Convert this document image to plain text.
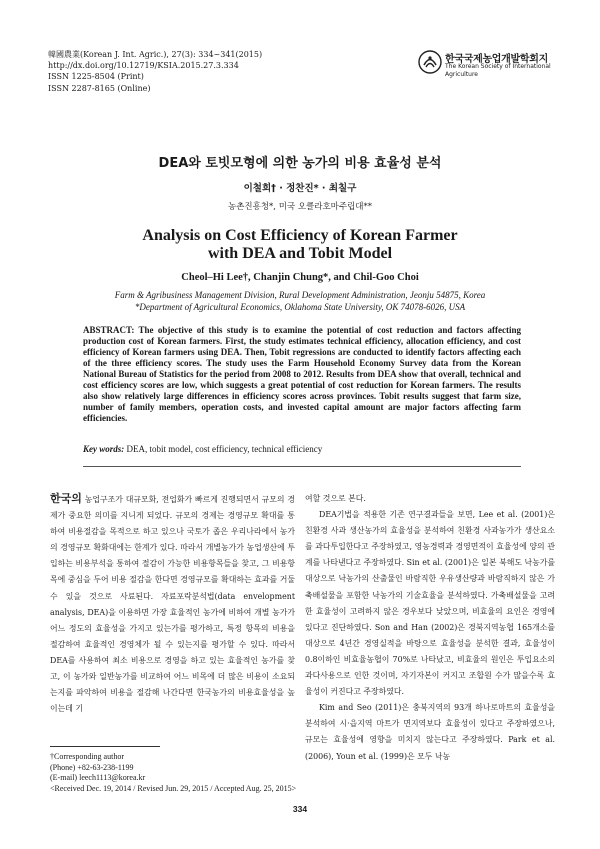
韓國農業(Korean J. Int. Agric.), 27(3): 334~341(2015)
http://dx.doi.org/10.12719/KSIA.2015.27.3.334
ISSN 1225-8504 (Print)
ISSN 2287-8165 (Online)
한국국제농업개발학회지
The Korean Society of International Agriculture
DEA와 토빗모형에 의한 농가의 비용 효율성 분석
이철희† · 정찬진* · 최칠구
농촌진흥청*, 미국 오클라호마주립대**
Analysis on Cost Efficiency of Korean Farmer
with DEA and Tobit Model
Cheol–Hi Lee†, Chanjin Chung*, and Chil-Goo Choi
Farm & Agribusiness Management Division, Rural Development Administration, Jeonju 54875, Korea
*Department of Agricultural Economics, Oklahoma State University, OK 74078-6026, USA
ABSTRACT: The objective of this study is to examine the potential of cost reduction and factors affecting production cost of Korean farmers. First, the study estimates technical efficiency, allocation efficiency, and cost efficiency of Korean farmers using DEA. Then, Tobit regressions are conducted to identify factors affecting each of the three efficiency scores. The study uses the Farm Household Economy Survey data from the Korean National Bureau of Statistics for the period from 2008 to 2012. Results from DEA show that overall, technical and cost efficiency scores are low, which suggests a great potential of cost reduction for Korean farmers. The results also show relatively large differences in efficiency scores across provinces. Tobit results suggest that farm size, number of family members, operation costs, and invested capital amount are major factors affecting farm efficiencies.
Key words: DEA, tobit model, cost efficiency, technical efficiency

한국의 농업구조가 대규모화, 전업화가 빠르게 진행되면서 규모의 경제가 중요한 의미를 지니게 되었다. 규모의 경제는 경영규모 확대를 통하여 비용절감을 목적으로 하고 있으나 국토가 좁은 우리나라에서 농가의 경영규모 확화대에는 한계가 있다. 따라서 개별농가가 농업생산에 투입하는 비용부석을 통하여 절감이 가능한 비용항목들을 찾고, 그 비용항목에 중심을 두어 비용 절감을 한다면 경영규모를 확대하는 효과를 거둘 수 있을 것으로 사료된다. 자료포락분석법(data envelopment analysis, DEA)을 이용하면 가장 효율적인 농가에 비하여 개별 농가가 어느 정도의 효율성을 가지고 있는가를 평가하고, 특정 항목의 비용을 절감하여 효율적인 경영체가 될 수 있는지를 평가할 수 있다. 따라서 DEA를 사용하여 최소 비용으로 경영을 하고 있는 효율적인 농가를 찾고, 이 농가와 일반농가를 비교하여 어느 비목에 더 많은 비용이 소요되는지를 파악하여 비용을 절감해 나간다면 한국농가의 비용효율성을 높이는데 기

여할 것으로 본다.

DEA기법을 적용한 기존 연구결과들을 보면, Lee et al. (2001)은 친환경 사과 생산농가의 효율성을 분석하여 친환경 사과농가가 생산요소를 과다투입한다고 주장하였고, 영농경력과 경영면적이 효율성에 양의 관계를 나타낸다고 주장하였다. Sin et al. (2001)은 일본 북해도 낙농가를 대상으로 낙농가의 산출물인 바람직한 우유생산량과 바람직하지 않은 가축배설물을 포함한 낙농가의 기술효율을 분석하였다. 가축배설물을 고려한 효율성이 고려하지 않은 경우보다 낮았으며, 비효율의 요인은 경영에 있다고 진단하였다. Son and Han (2002)은 경북지역농협 165개소를 대상으로 4년간 경영실적을 바탕으로 효율성을 분석한 결과, 효율성이 0.8이하인 비효율농협이 70%로 나타났고, 비효율의 원인은 투입요소의 과다사용으로 인한 것이며, 자기자본이 커지고 조합원 수가 많을수록 효율성이 커진다고 주장하였다.

Kim and Seo (2011)은 충북지역의 93개 하나로마트의 효율성을 분석하여 시·읍지역 마트가 면지역보다 효율성이 있다고 주장하였으나, 규모는 효율성에 영향을 미치지 않는다고 주장하였다. Park et al. (2006), Youn et al. (1999)은 모두 낙농

†Corresponding author
(Phone) +82-63-238-1199
(E-mail) leech1113@korea.kr
<Received Dec. 19, 2014 / Revised Jun. 29, 2015 / Accepted Aug. 25, 2015>
334
